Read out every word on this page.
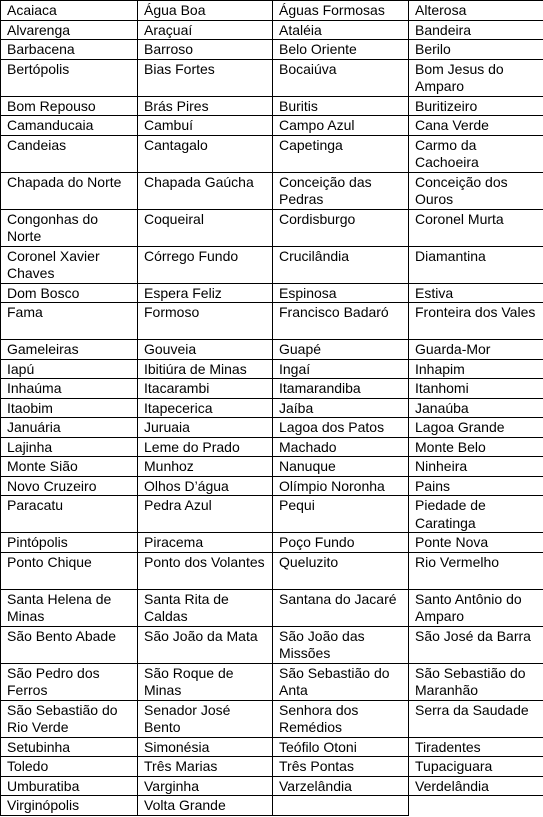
Acaiaca	Água Boa	Águas Formosas	Alterosa
Alvarenga	Araçuaí	Ataléia	Bandeira
Barbacena	Barroso	Belo Oriente	Berilo
Bertópolis	Bias Fortes	Bocaiúva	Bom Jesus do Amparo
Bom Repouso	Brás Pires	Buritis	Buritizeiro
Camanducaia	Cambuí	Campo Azul	Cana Verde
Candeias	Cantagalo	Capetinga	Carmo da Cachoeira
Chapada do Norte	Chapada Gaúcha	Conceição das Pedras	Conceição dos Ouros
Congonhas do Norte	Coqueiral	Cordisburgo	Coronel Murta
Coronel Xavier Chaves	Córrego Fundo	Crucilândia	Diamantina
Dom Bosco	Espera Feliz	Espinosa	Estiva
Fama	Formoso	Francisco Badaró	Fronteira dos Vales
Gameleiras	Gouveia	Guapé	Guarda-Mor
Iapú	Ibitiúra de Minas	Ingaí	Inhapim
Inhaúma	Itacarambi	Itamarandiba	Itanhomi
Itaobim	Itapecerica	Jaíba	Janaúba
Januária	Juruaia	Lagoa dos Patos	Lagoa Grande
Lajinha	Leme do Prado	Machado	Monte Belo
Monte Sião	Munhoz	Nanuque	Ninheira
Novo Cruzeiro	Olhos D’água	Olímpio Noronha	Pains
Paracatu	Pedra Azul	Pequi	Piedade de Caratinga
Pintópolis	Piracema	Poço Fundo	Ponte Nova
Ponto Chique	Ponto dos Volantes	Queluzito	Rio Vermelho
Santa Helena de Minas	Santa Rita de Caldas	Santana do Jacaré	Santo Antônio do Amparo
São Bento Abade	São João da Mata	São João das Missões	São José da Barra
São Pedro dos Ferros	São Roque de Minas	São Sebastião do Anta	São Sebastião do Maranhão
São Sebastião do Rio Verde	Senador José Bento	Senhora dos Remédios	Serra da Saudade
Setubinha	Simonésia	Teófilo Otoni	Tiradentes
Toledo	Três Marias	Três Pontas	Tupaciguara
Umburatiba	Varginha	Varzelândia	Verdelândia
Virginópolis	Volta Grande		
